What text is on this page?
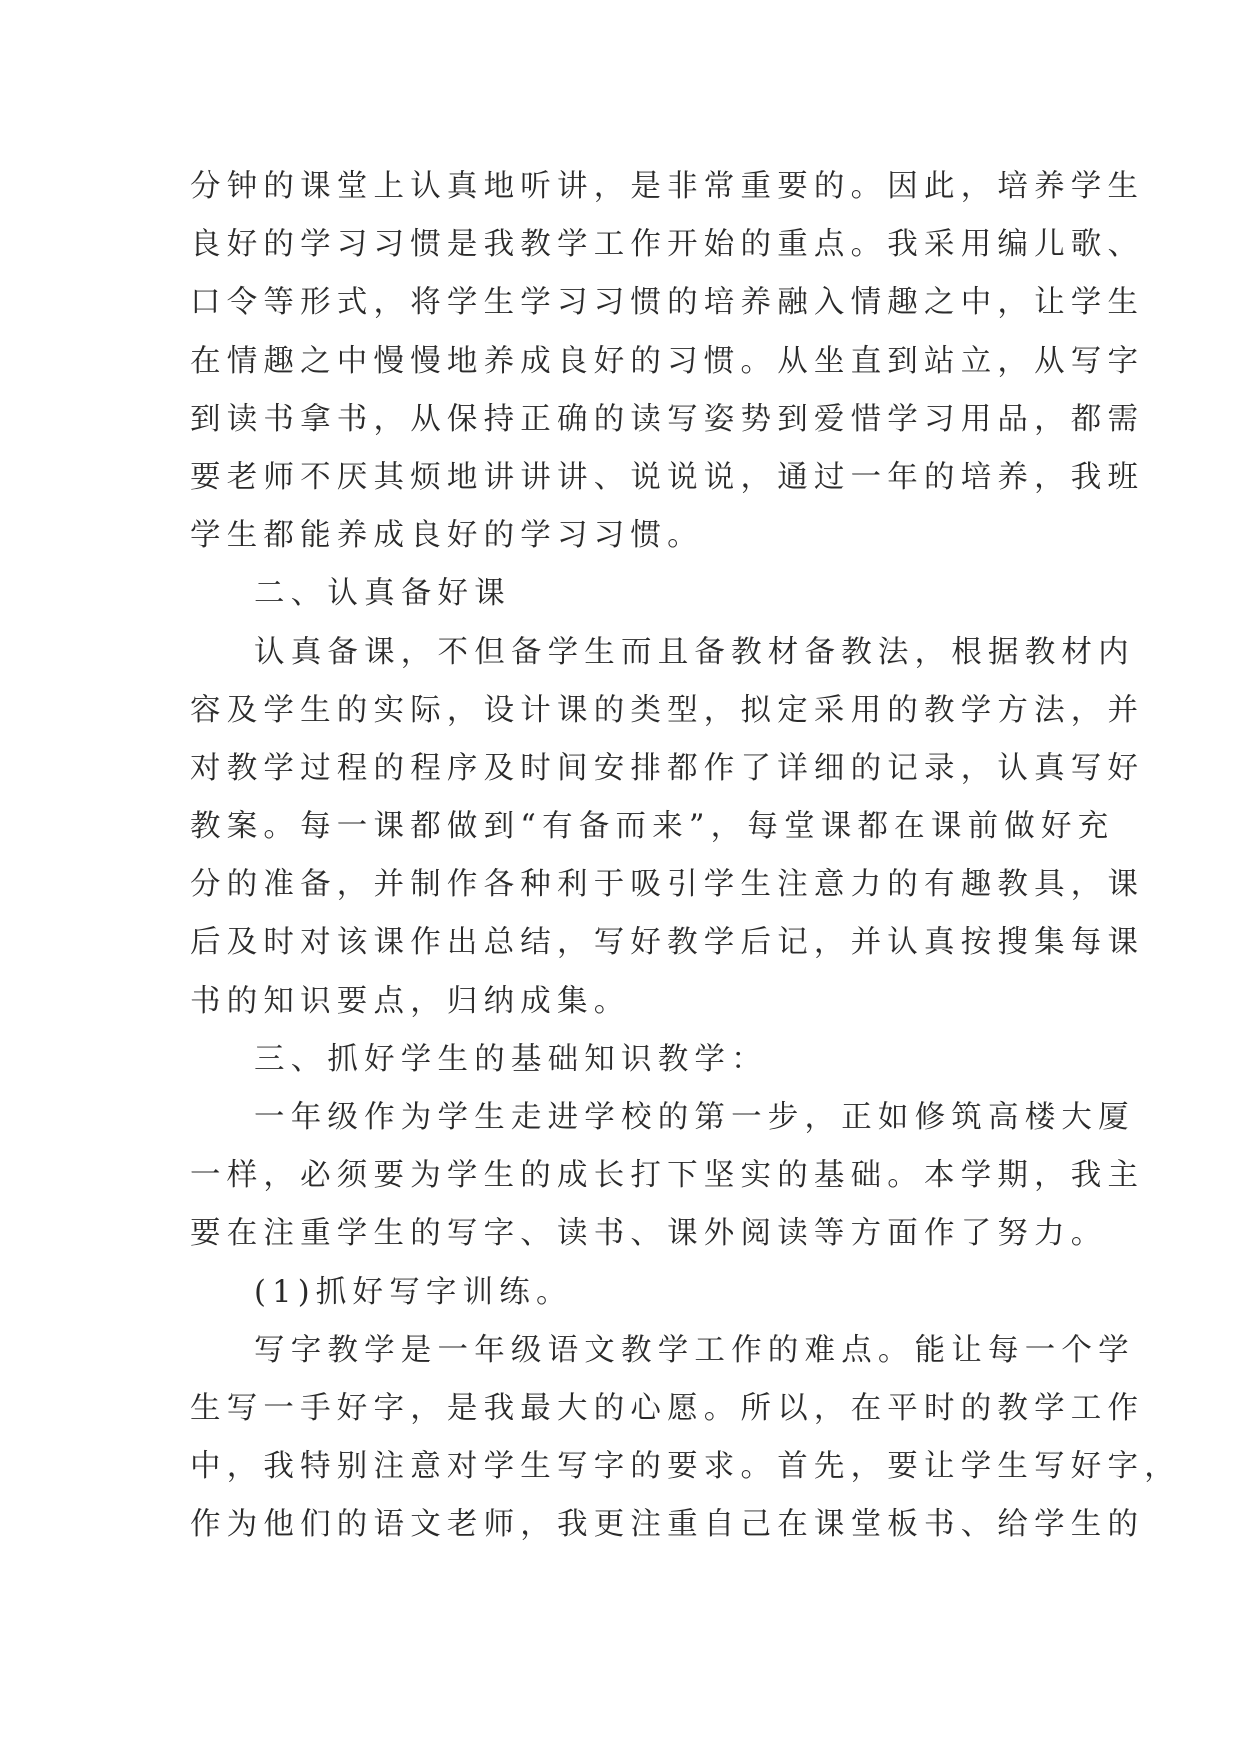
分钟的课堂上认真地听讲，是非常重要的。因此，培养学生
良好的学习习惯是我教学工作开始的重点。我采用编儿歌、
口令等形式，将学生学习习惯的培养融入情趣之中，让学生
在情趣之中慢慢地养成良好的习惯。从坐直到站立，从写字
到读书拿书，从保持正确的读写姿势到爱惜学习用品，都需
要老师不厌其烦地讲讲讲、说说说，通过一年的培养，我班
学生都能养成良好的学习习惯。
二、认真备好课
认真备课，不但备学生而且备教材备教法，根据教材内
容及学生的实际，设计课的类型，拟定采用的教学方法，并
对教学过程的程序及时间安排都作了详细的记录，认真写好
教案。每一课都做到“有备而来”，每堂课都在课前做好充
分的准备，并制作各种利于吸引学生注意力的有趣教具，课
后及时对该课作出总结，写好教学后记，并认真按搜集每课
书的知识要点，归纳成集。
三、抓好学生的基础知识教学：
一年级作为学生走进学校的第一步，正如修筑高楼大厦
一样，必须要为学生的成长打下坚实的基础。本学期，我主
要在注重学生的写字、读书、课外阅读等方面作了努力。
(1)抓好写字训练。
写字教学是一年级语文教学工作的难点。能让每一个学
生写一手好字，是我最大的心愿。所以，在平时的教学工作
中，我特别注意对学生写字的要求。首先，要让学生写好字，
作为他们的语文老师，我更注重自己在课堂板书、给学生的
